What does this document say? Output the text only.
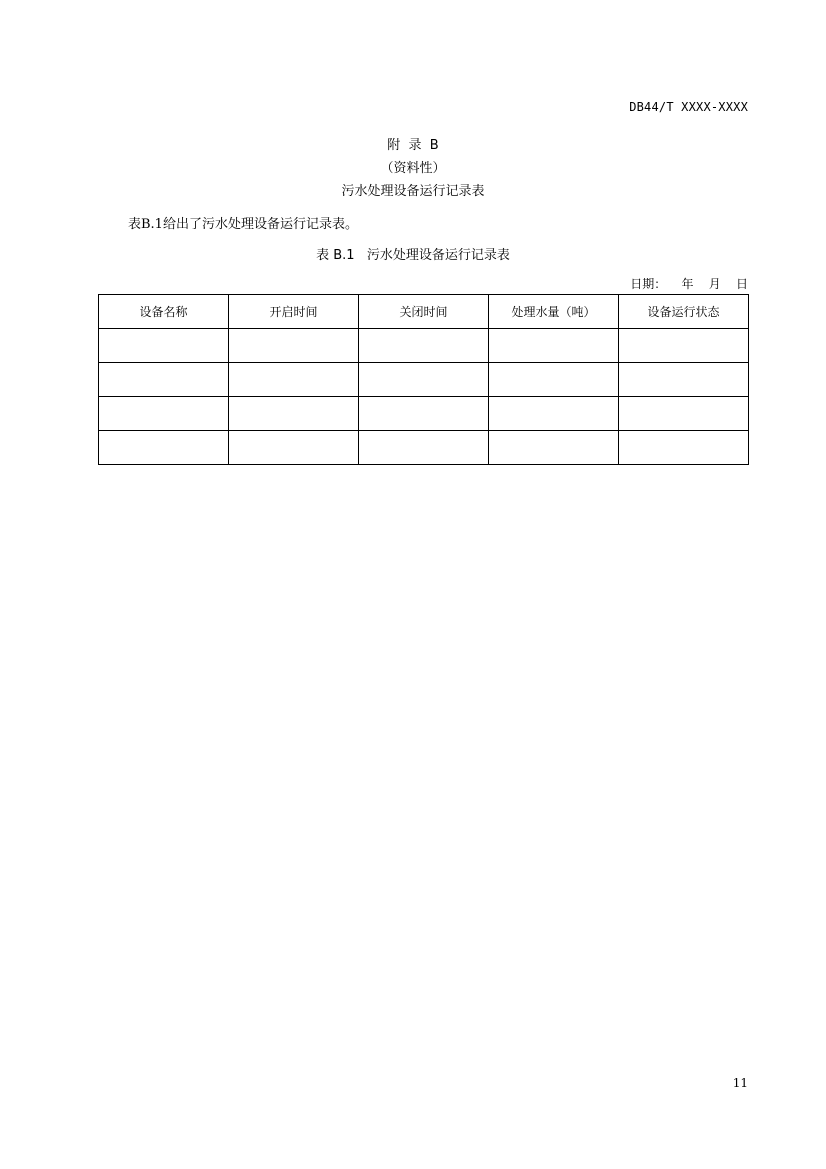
DB44/T XXXX-XXXX
附  录  B
（资料性）
污水处理设备运行记录表
表B.1给出了污水处理设备运行记录表。
表 B.1   污水处理设备运行记录表
日期：    年    月    日
设备名称	开启时间	关闭时间	处理水量（吨）	设备运行状态

11
